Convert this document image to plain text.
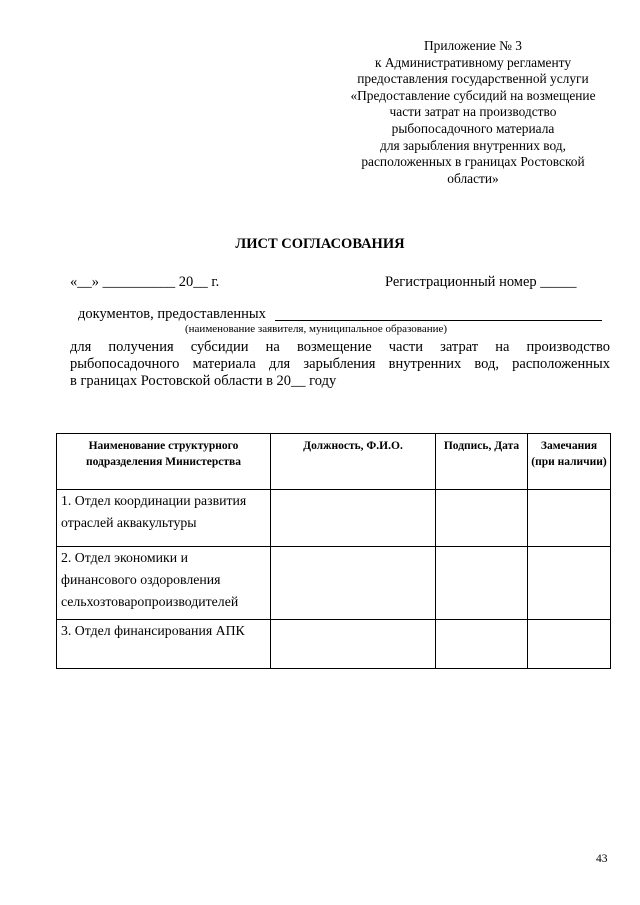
Приложение № 3
к Административному регламенту
предоставления государственной услуги
«Предоставление субсидий на возмещение
части затрат на производство
рыбопосадочного материала
для зарыбления внутренних вод,
расположенных в границах Ростовской
области»
ЛИСТ СОГЛАСОВАНИЯ
«__» __________ 20__ г.	Регистрационный номер _____
документов, предоставленных
(наименование заявителя, муниципальное образование)
для получения субсидии на возмещение части затрат на производство
рыбопосадочного материала для зарыбления внутренних вод, расположенных
в границах Ростовской области в 20__ году
Наименование структурного подразделения Министерства	Должность, Ф.И.О.	Подпись, Дата	Замечания (при наличии)
1. Отдел координации развития отраслей аквакультуры			
2. Отдел экономики и финансового оздоровления сельхозтоваропроизводителей			
3. Отдел финансирования АПК			
43
